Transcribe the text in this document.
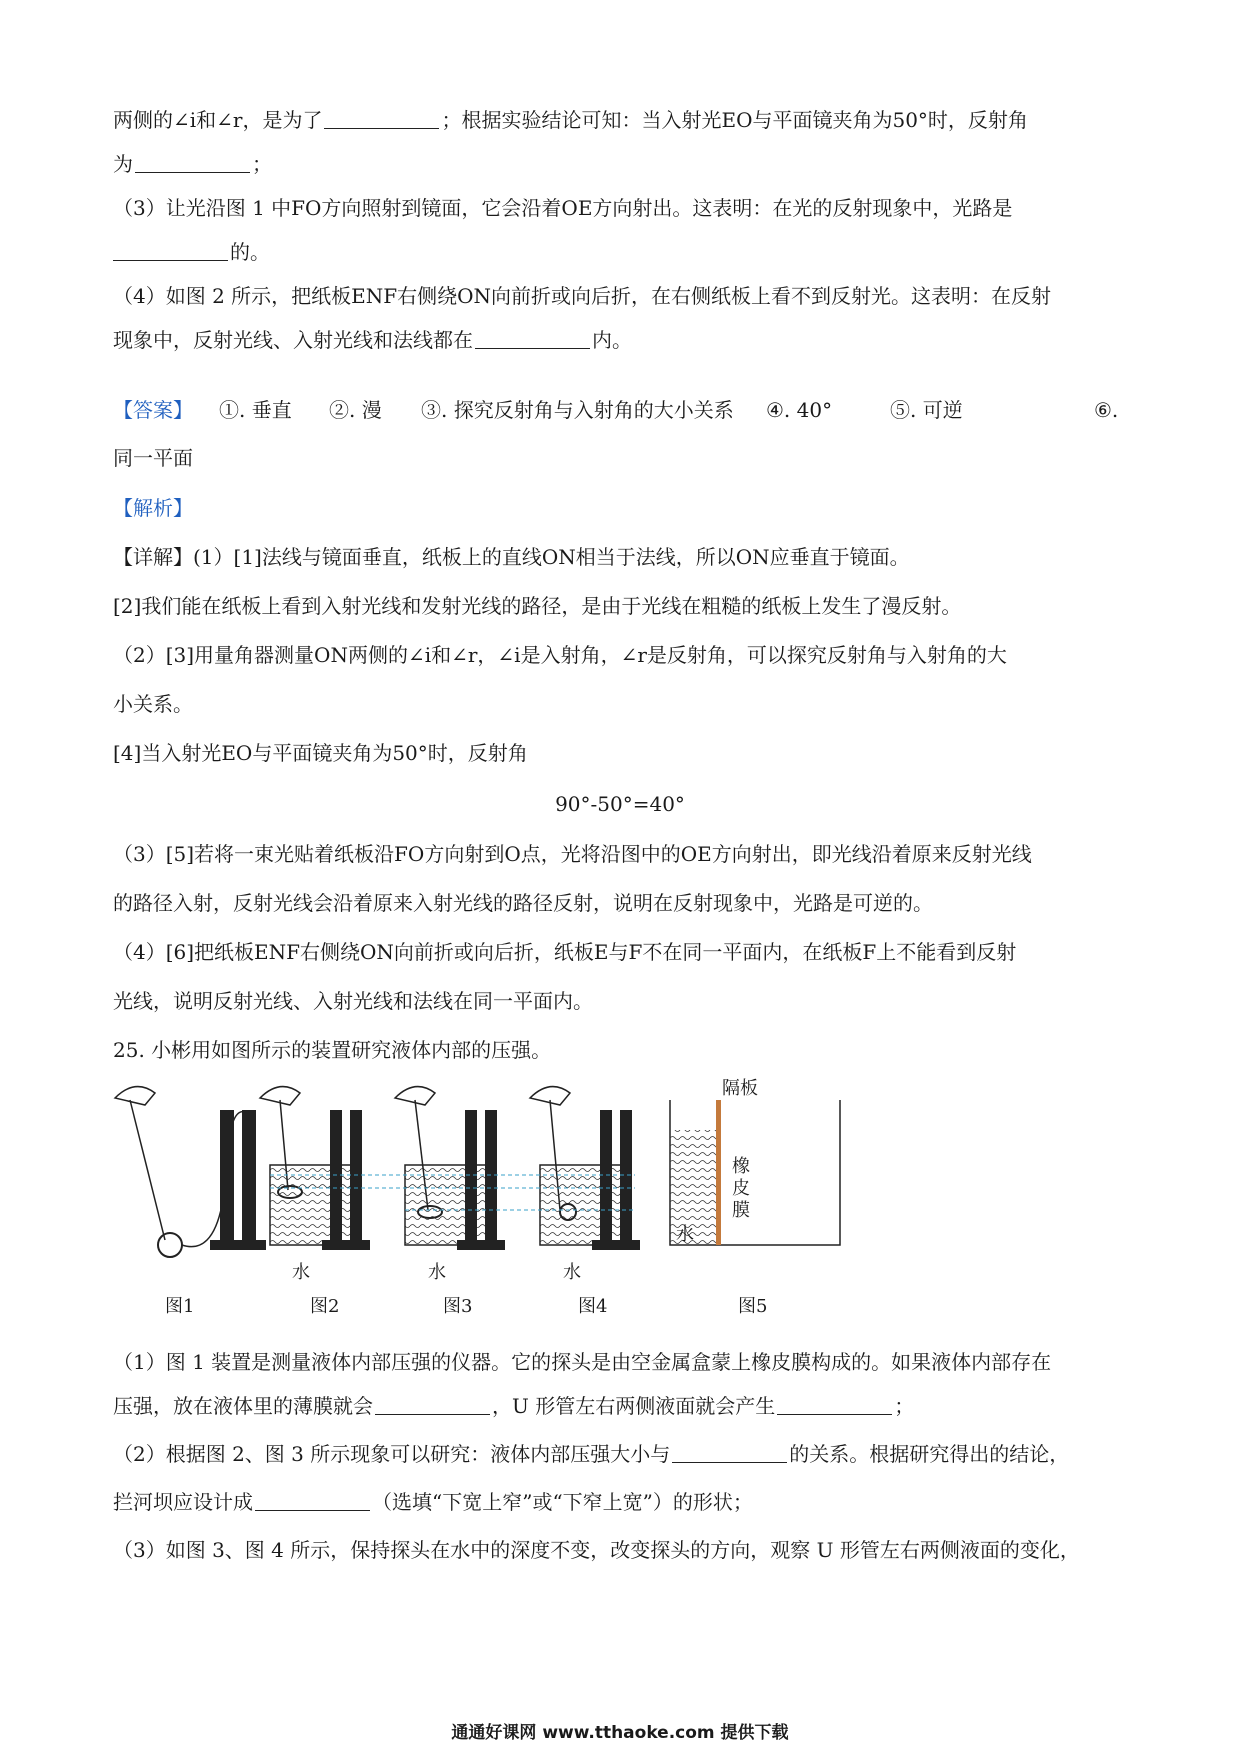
两侧的∠i和∠r，是为了	；根据实验结论可知：当入射光EO与平面镜夹角为50°时，反射角
为	；
（3）让光沿图 1 中FO方向照射到镜面，它会沿着OE方向射出。这表明：在光的反射现象中，光路是
的。
（4）如图 2 所示，把纸板ENF右侧绕ON向前折或向后折，在右侧纸板上看不到反射光。这表明：在反射
现象中，反射光线、入射光线和法线都在	内。
【答案】 ①. 垂直 ②. 漫 ③. 探究反射角与入射角的大小关系 ④. 40°	⑤. 可逆	⑥.
同一平面
【解析】
【详解】(1）[1]法线与镜面垂直，纸板上的直线ON相当于法线，所以ON应垂直于镜面。
[2]我们能在纸板上看到入射光线和发射光线的路径，是由于光线在粗糙的纸板上发生了漫反射。
（2）[3]用量角器测量ON两侧的∠i和∠r，∠i是入射角，∠r是反射角，可以探究反射角与入射角的大
小关系。
[4]当入射光EO与平面镜夹角为50°时，反射角
90°-50°=40°
（3）[5]若将一束光贴着纸板沿FO方向射到O点，光将沿图中的OE方向射出，即光线沿着原来反射光线
的路径入射，反射光线会沿着原来入射光线的路径反射，说明在反射现象中，光路是可逆的。
（4）[6]把纸板ENF右侧绕ON向前折或向后折，纸板E与F不在同一平面内，在纸板F上不能看到反射
光线，说明反射光线、入射光线和法线在同一平面内。
25. 小彬用如图所示的装置研究液体内部的压强。
图1	图2	图3	图4	图5
水	水	水
水
隔板
橡
皮
膜
（1）图 1 装置是测量液体内部压强的仪器。它的探头是由空金属盒蒙上橡皮膜构成的。如果液体内部存在
压强，放在液体里的薄膜就会	，U 形管左右两侧液面就会产生	；
（2）根据图 2、图 3 所示现象可以研究：液体内部压强大小与	的关系。根据研究得出的结论，
拦河坝应设计成	（选填“下宽上窄”或“下窄上宽”）的形状；
（3）如图 3、图 4 所示，保持探头在水中的深度不变，改变探头的方向，观察 U 形管左右两侧液面的变化，
通通好课网 www.tthaoke.com 提供下载
